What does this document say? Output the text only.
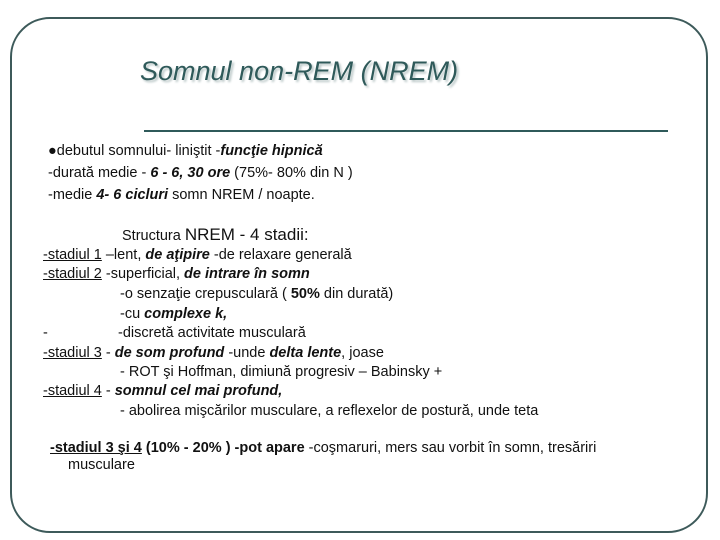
Somnul non-REM (NREM)
●debutul somnului- liniştit -funcţie hipnică
-durată medie - 6 - 6, 30 ore (75%- 80% din N )
-medie 4- 6 cicluri somn NREM / noapte.
Structura NREM - 4 stadii:
-stadiul 1 –lent, de aţipire -de relaxare generală
-stadiul 2 -superficial, de intrare în somn
-o senzaţie crepusculară ( 50% din durată)
-cu complexe k,
-	-discretă activitate musculară
-stadiul 3 - de som profund -unde delta lente, joase
- ROT şi Hoffman, dimiună progresiv – Babinsky +
-stadiul 4 - somnul cel mai profund,
- abolirea mişcărilor musculare, a reflexelor de postură, unde teta
-stadiul 3 şi 4 (10% - 20% ) -pot apare -coşmaruri, mers sau vorbit în somn, tresăriri
musculare
